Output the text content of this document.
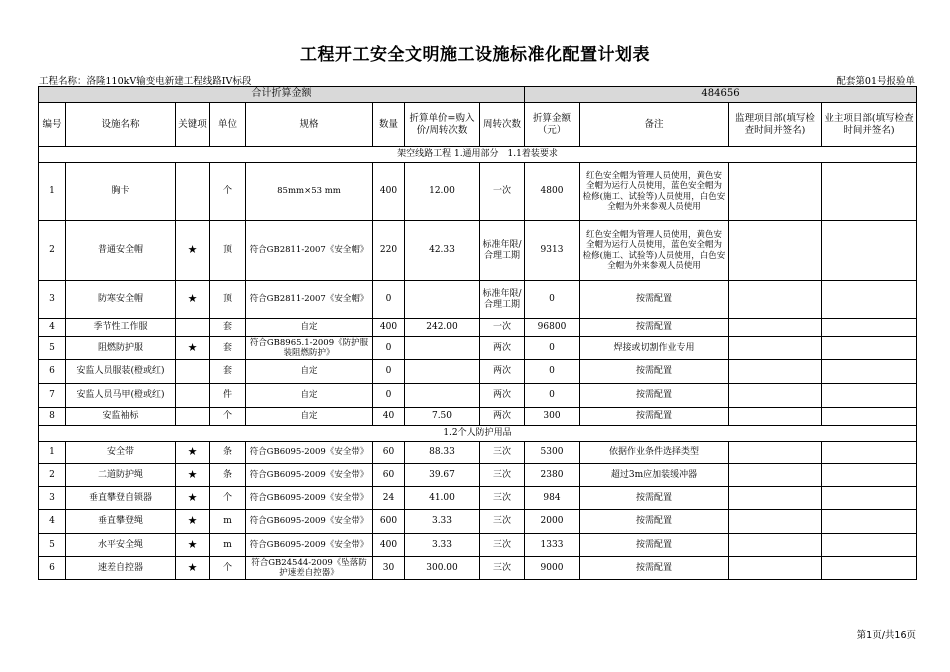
工程开工安全文明施工设施标准化配置计划表
工程名称：洛隆110kV输变电新建工程线路IV标段	配套第01号报验单
合计折算金额								484656			
编号	设施名称	关键项	单位	规格	数量	折算单价=购入价/周转次数	周转次数	折算金额（元）	备注	监理项目部(填写检查时间并签名)	业主项目部(填写检查时间并签名)
架空线路工程 1.通用部分　1.1着装要求											
1	胸卡		个	85mm×53 mm	400	12.00	一次	4800	红色安全帽为管理人员使用，黄色安全帽为运行人员使用，蓝色安全帽为检修(施工、试验等)人员使用，白色安全帽为外来参观人员使用		
2	普通安全帽	★	顶	符合GB2811-2007《安全帽》	220	42.33	标准年限/合理工期	9313	红色安全帽为管理人员使用，黄色安全帽为运行人员使用，蓝色安全帽为检修(施工、试验等)人员使用，白色安全帽为外来参观人员使用		
3	防寒安全帽	★	顶	符合GB2811-2007《安全帽》	0		标准年限/合理工期	0	按需配置		
4	季节性工作服		套	自定	400	242.00	一次	96800	按需配置		
5	阻燃防护服	★	套	符合GB8965.1-2009《防护服装阻燃防护》	0		两次	0	焊接或切割作业专用		
6	安监人员服装(橙或红)		套	自定	0		两次	0	按需配置		
7	安监人员马甲(橙或红)		件	自定	0		两次	0	按需配置		
8	安监袖标		个	自定	40	7.50	两次	300	按需配置		
1.2个人防护用品											
1	安全带	★	条	符合GB6095-2009《安全带》	60	88.33	三次	5300	依据作业条件选择类型		
2	二道防护绳	★	条	符合GB6095-2009《安全带》	60	39.67	三次	2380	超过3m应加装缓冲器		
3	垂直攀登自锁器	★	个	符合GB6095-2009《安全带》	24	41.00	三次	984	按需配置		
4	垂直攀登绳	★	m	符合GB6095-2009《安全带》	600	3.33	三次	2000	按需配置		
5	水平安全绳	★	m	符合GB6095-2009《安全带》	400	3.33	三次	1333	按需配置		
6	速差自控器	★	个	符合GB24544-2009《坠落防护速差自控器》	30	300.00	三次	9000	按需配置		
第1页/共16页
